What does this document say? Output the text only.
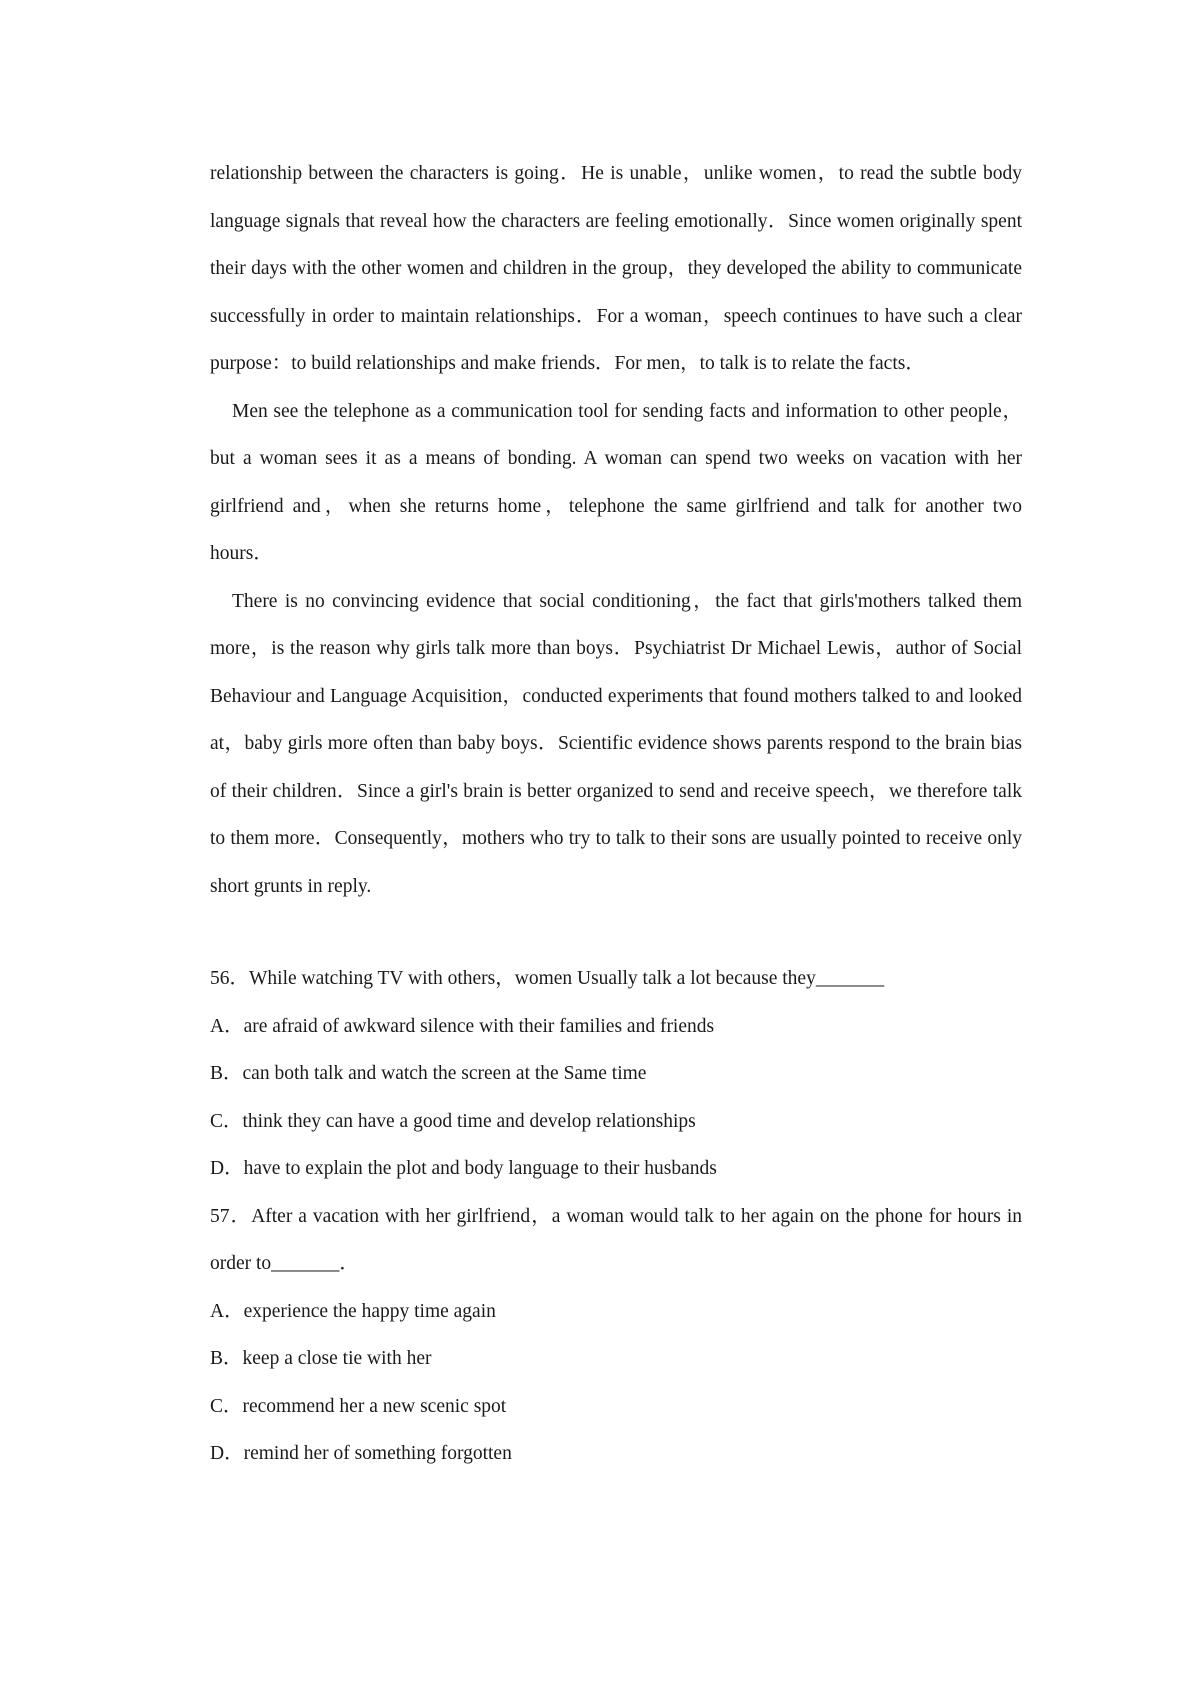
relationship between the characters is going．He is unable，unlike women，to read the subtle body language signals that reveal how the characters are feeling emotionally．Since women originally spent their days with the other women and children in the group，they developed the ability to communicate successfully in order to maintain relationships．For a woman，speech continues to have such a clear purpose：to build relationships and make friends．For men，to talk is to relate the facts．

Men see the telephone as a communication tool for sending facts and information to other people，but a woman sees it as a means of bonding. A woman can spend two weeks on vacation with her girlfriend and，when she returns home，telephone the same girlfriend and talk for another two hours．

There is no convincing evidence that social conditioning，the fact that girls'mothers talked them more，is the reason why girls talk more than boys．Psychiatrist Dr Michael Lewis，author of Social Behaviour and Language Acquisition，conducted experiments that found mothers talked to and looked at，baby girls more often than baby boys．Scientific evidence shows parents respond to the brain bias of their children．Since a girl's brain is better organized to send and receive speech，we therefore talk to them more．Consequently，mothers who try to talk to their sons are usually pointed to receive only short grunts in reply.

56．While watching TV with others，women Usually talk a lot because they_______

A．are afraid of awkward silence with their families and friends

B．can both talk and watch the screen at the Same time

C．think they can have a good time and develop relationships

D．have to explain the plot and body language to their husbands

57．After a vacation with her girlfriend，a woman would talk to her again on the phone for hours in order to_______．

A．experience the happy time again

B．keep a close tie with her

C．recommend her a new scenic spot

D．remind her of something forgotten
